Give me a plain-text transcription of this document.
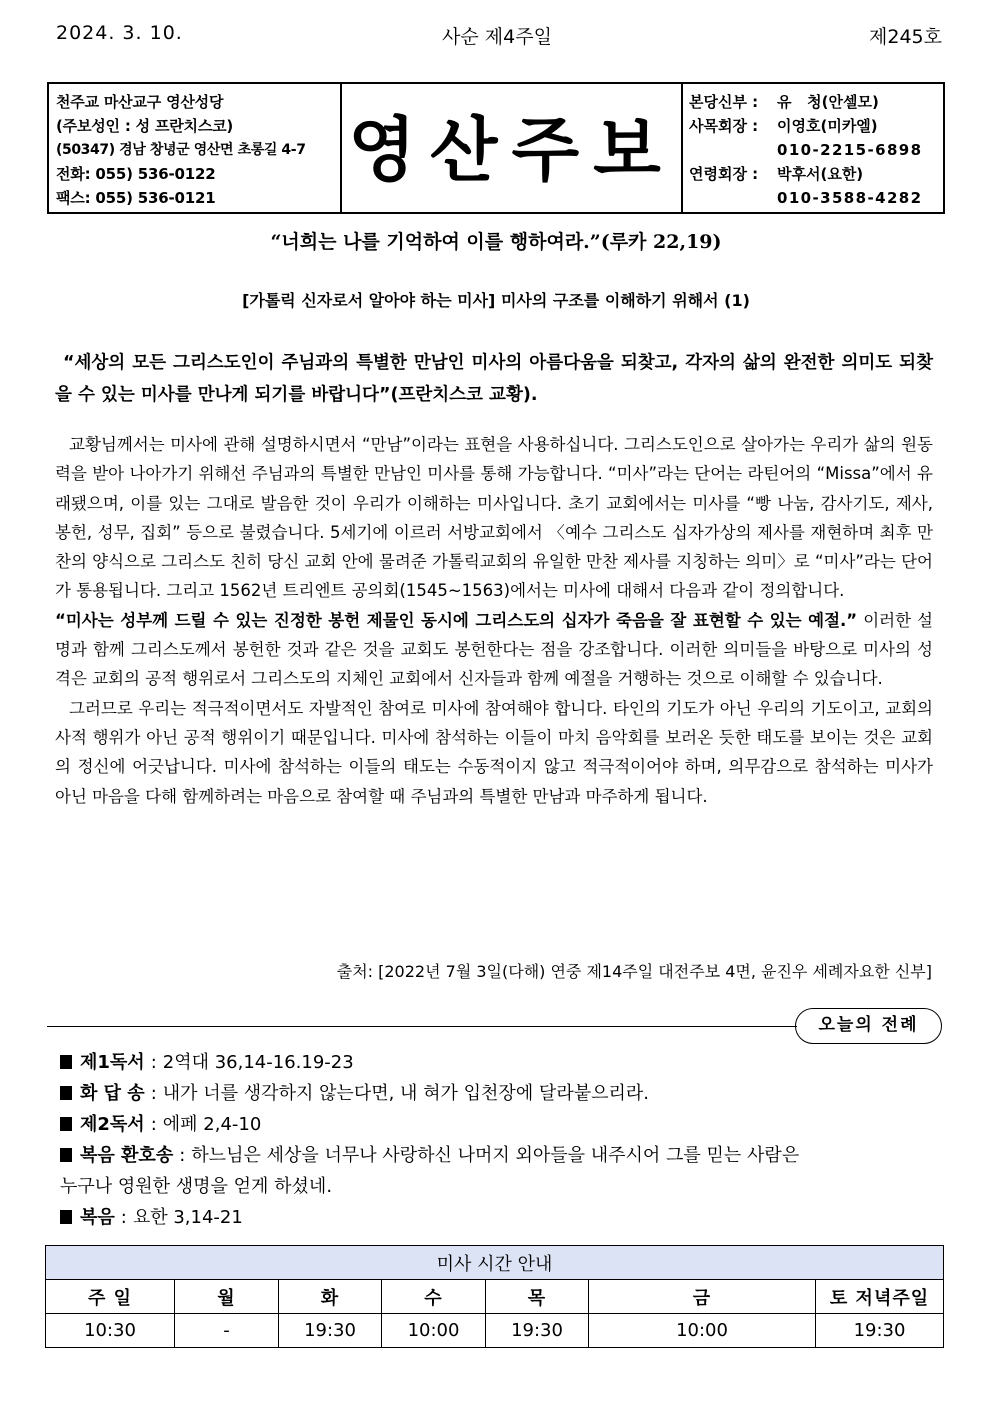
2024. 3. 10.	사순 제4주일	제245호
천주교 마산교구 영산성당
(주보성인 : 성 프란치스코)
(50347) 경남 창녕군 영산면 초롱길 4-7
전화: 055) 536-0122
팩스: 055) 536-0121
영산주보
본당신부 : 유   청(안셀모)
사목회장 : 이영호(미카엘)
010-2215-6898
연령회장 : 박후서(요한)
010-3588-4282
“너희는 나를 기억하여 이를 행하여라.”(루카 22,19)
[가톨릭 신자로서 알아야 하는 미사] 미사의 구조를 이해하기 위해서 (1)
“세상의 모든 그리스도인이 주님과의 특별한 만남인 미사의 아름다움을 되찾고, 각자의 삶의 완전한 의미도 되찾을 수 있는 미사를 만나게 되기를 바랍니다”(프란치스코 교황).

교황님께서는 미사에 관해 설명하시면서 “만남”이라는 표현을 사용하십니다. 그리스도인으로 살아가는 우리가 삶의 원동력을 받아 나아가기 위해선 주님과의 특별한 만남인 미사를 통해 가능합니다. “미사”라는 단어는 라틴어의 “Missa”에서 유래됐으며, 이를 있는 그대로 발음한 것이 우리가 이해하는 미사입니다. 초기 교회에서는 미사를 “빵 나눔, 감사기도, 제사, 봉헌, 성무, 집회” 등으로 불렸습니다. 5세기에 이르러 서방교회에서 〈예수 그리스도 십자가상의 제사를 재현하며 최후 만찬의 양식으로 그리스도 친히 당신 교회 안에 물려준 가톨릭교회의 유일한 만찬 제사를 지칭하는 의미〉로 “미사”라는 단어가 통용됩니다. 그리고 1562년 트리엔트 공의회(1545~1563)에서는 미사에 대해서 다음과 같이 정의합니다.

“미사는 성부께 드릴 수 있는 진정한 봉헌 제물인 동시에 그리스도의 십자가 죽음을 잘 표현할 수 있는 예절.” 이러한 설명과 함께 그리스도께서 봉헌한 것과 같은 것을 교회도 봉헌한다는 점을 강조합니다. 이러한 의미들을 바탕으로 미사의 성격은 교회의 공적 행위로서 그리스도의 지체인 교회에서 신자들과 함께 예절을 거행하는 것으로 이해할 수 있습니다.

그러므로 우리는 적극적이면서도 자발적인 참여로 미사에 참여해야 합니다. 타인의 기도가 아닌 우리의 기도이고, 교회의 사적 행위가 아닌 공적 행위이기 때문입니다. 미사에 참석하는 이들이 마치 음악회를 보러온 듯한 태도를 보이는 것은 교회의 정신에 어긋납니다. 미사에 참석하는 이들의 태도는 수동적이지 않고 적극적이어야 하며, 의무감으로 참석하는 미사가 아닌 마음을 다해 함께하려는 마음으로 참여할 때 주님과의 특별한 만남과 마주하게 됩니다.

출처: [2022년 7월 3일(다해) 연중 제14주일 대전주보 4면, 윤진우 세례자요한 신부]
오늘의 전례
제1독서 : 2역대 36,14-16.19-23
화 답 송 : 내가 너를 생각하지 않는다면, 내 혀가 입천장에 달라붙으리라.
제2독서 : 에페 2,4-10
복음 환호송 : 하느님은 세상을 너무나 사랑하신 나머지 외아들을 내주시어 그를 믿는 사람은
누구나 영원한 생명을 얻게 하셨네.
복음 : 요한 3,14-21
미사 시간 안내						
주 일	월	화	수	목	금	토 저녁주일
10:30	-	19:30	10:00	19:30	10:00	19:30
